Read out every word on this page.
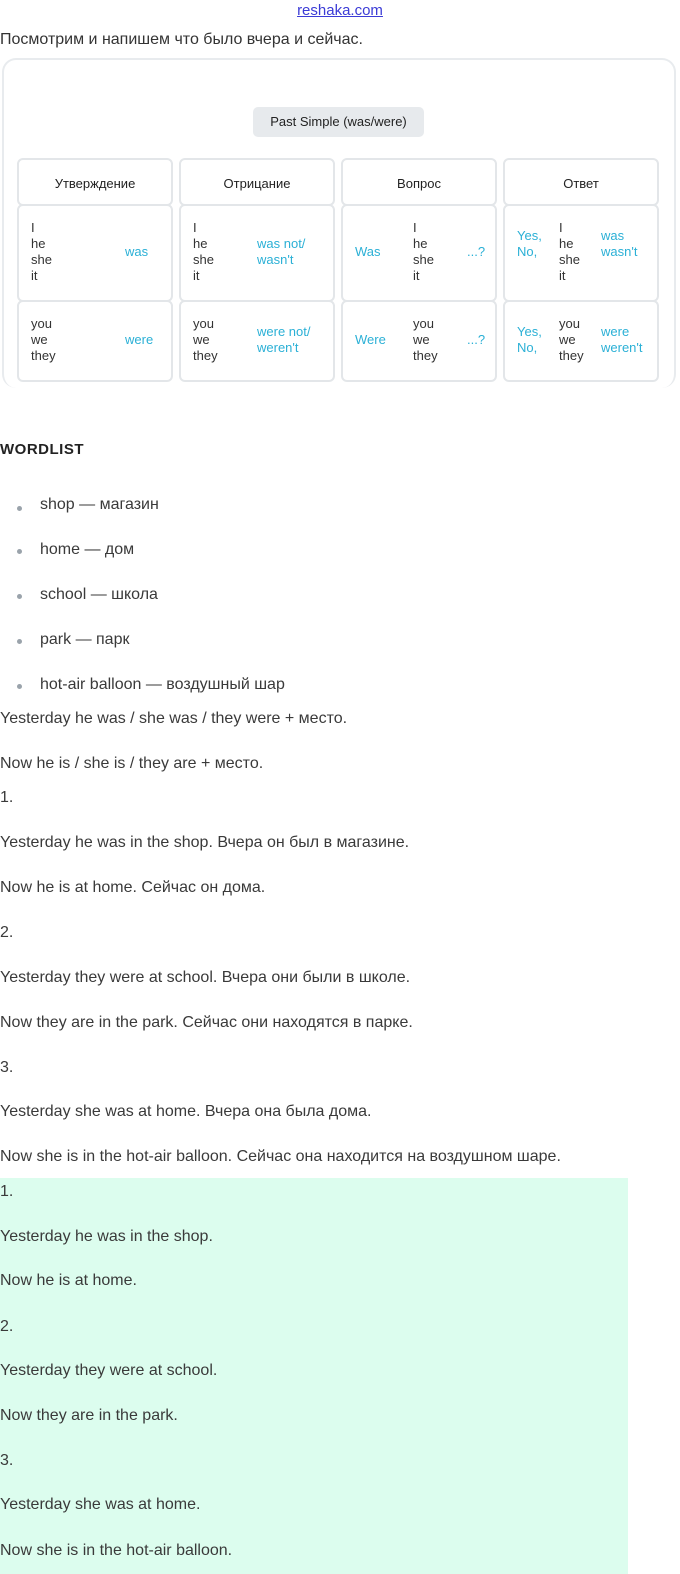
reshaka.com
Посмотрим и напишем что было вчера и сейчас.
Past Simple (was/were)
Утверждение
I
he
she
it
was
you
we
they
were
Отрицание
I
he
she
it
was not/
wasn't
you
we
they
were not/
weren't
Вопрос
Was
I
he
she
it
...?
Were
you
we
they
...?
Ответ
Yes,
No,
I
he
she
it
was
wasn't
Yes,
No,
you
we
they
were
weren't
WORDLIST
shop — магазин
home — дом
school — школа
park — парк
hot-air balloon — воздушный шар
Yesterday he was / she was / they were + место.
Now he is / she is / they are + место.
1.
Yesterday he was in the shop. Вчера он был в магазине.
Now he is at home. Сейчас он дома.
2.
Yesterday they were at school. Вчера они были в школе.
Now they are in the park. Сейчас они находятся в парке.
3.
Yesterday she was at home. Вчера она была дома.
Now she is in the hot-air balloon. Сейчас она находится на воздушном шаре.
1.
Yesterday he was in the shop.
Now he is at home.
2.
Yesterday they were at school.
Now they are in the park.
3.
Yesterday she was at home.
Now she is in the hot-air balloon.
